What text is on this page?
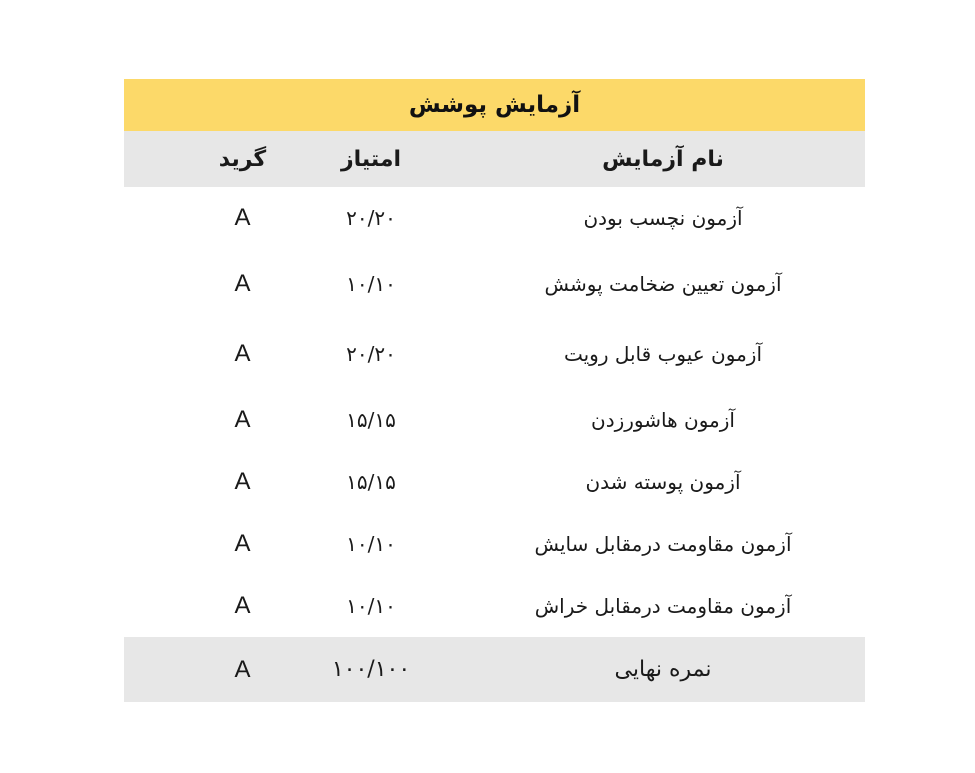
آزمایش پوشش
نام آزمایش
امتیاز
گرید
آزمون نچسب بودن
۲۰/۲۰
A
آزمون تعیین ضخامت پوشش
۱۰/۱۰
A
آزمون عیوب قابل رویت
۲۰/۲۰
A
آزمون هاشورزدن
۱۵/۱۵
A
آزمون پوسته شدن
۱۵/۱۵
A
آزمون مقاومت درمقابل سایش
۱۰/۱۰
A
آزمون مقاومت درمقابل خراش
۱۰/۱۰
A
نمره نهایی
۱۰۰/۱۰۰
A
